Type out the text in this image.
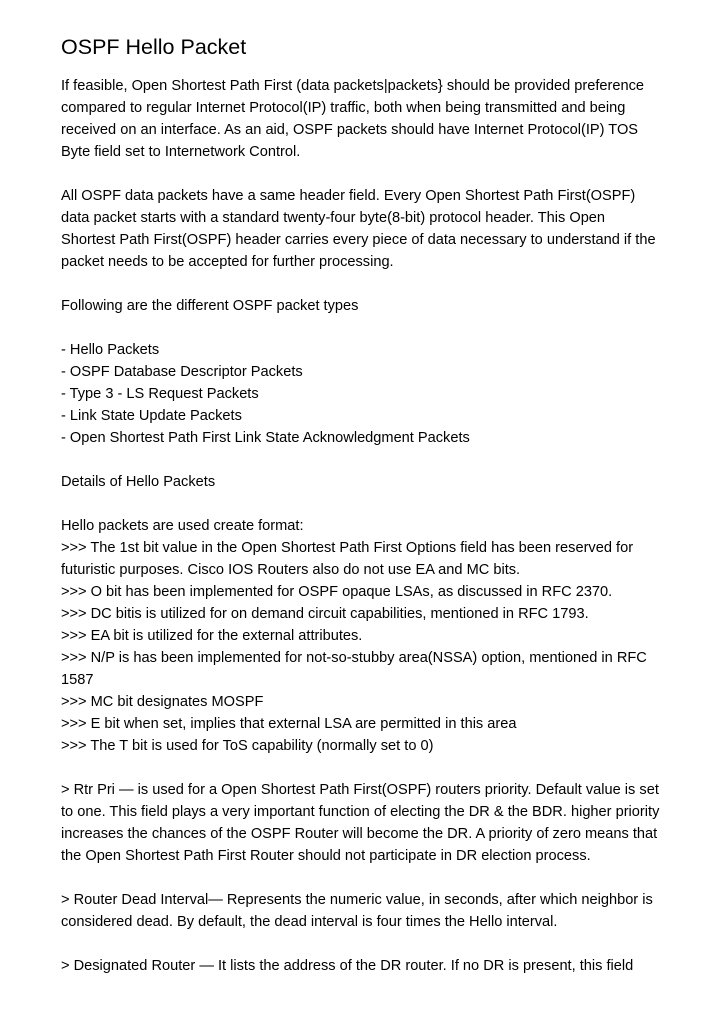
OSPF Hello Packet

If feasible, Open Shortest Path First (data packets|packets} should be provided preference
compared to regular Internet Protocol(IP) traffic, both when being transmitted and being
received on an interface. As an aid, OSPF packets should have Internet Protocol(IP) TOS
Byte field set to Internetwork Control.

All OSPF data packets have a same header field. Every Open Shortest Path First(OSPF)
data packet starts with a standard twenty-four byte(8-bit) protocol header. This Open
Shortest Path First(OSPF) header carries every piece of data necessary to understand if the
packet needs to be accepted for further processing.

Following are the different OSPF packet types

- Hello Packets
- OSPF Database Descriptor Packets
- Type 3 - LS Request Packets
- Link State Update Packets
- Open Shortest Path First Link State Acknowledgment Packets

Details of Hello Packets

Hello packets are used create format:
>>> The 1st bit value in the Open Shortest Path First Options field has been reserved for
futuristic purposes. Cisco IOS Routers also do not use EA and MC bits.
>>> O bit has been implemented for OSPF opaque LSAs, as discussed in RFC 2370.
>>> DC bitis is utilized for on demand circuit capabilities, mentioned in RFC 1793.
>>> EA bit is utilized for the external attributes.
>>> N/P is has been implemented for not-so-stubby area(NSSA) option, mentioned in RFC
1587
>>> MC bit designates MOSPF
>>> E bit when set, implies that external LSA are permitted in this area
>>> The T bit is used for ToS capability (normally set to 0)

> Rtr Pri — is used for a Open Shortest Path First(OSPF) routers priority. Default value is set
to one. This field plays a very important function of electing the DR & the BDR. higher priority
increases the chances of the OSPF Router will become the DR. A priority of zero means that
the Open Shortest Path First Router should not participate in DR election process.

> Router Dead Interval— Represents the numeric value, in seconds, after which neighbor is
considered dead. By default, the dead interval is four times the Hello interval.

> Designated Router — It lists the address of the DR router. If no DR is present, this field
